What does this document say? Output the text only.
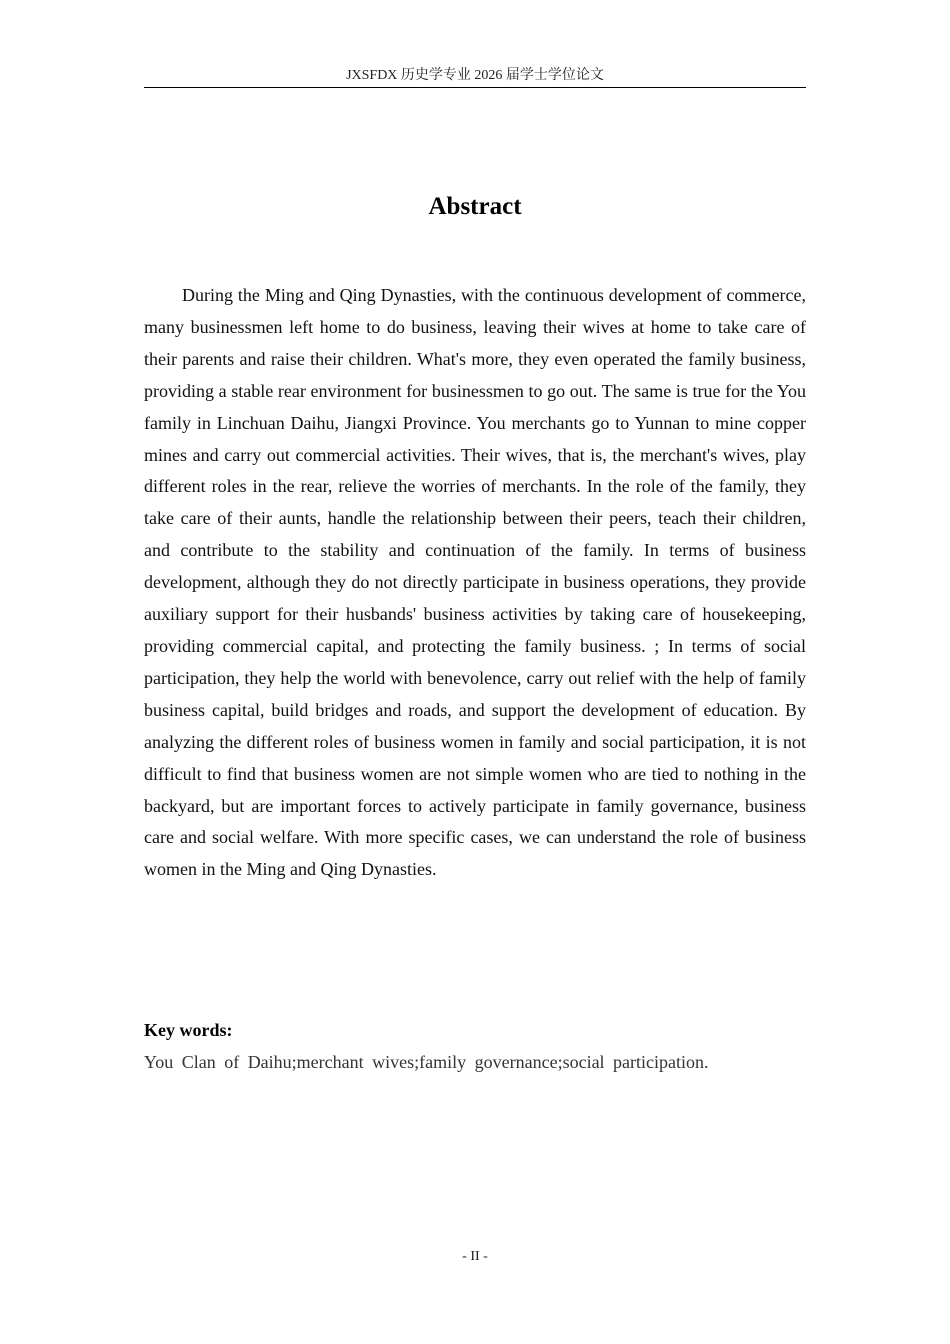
JXSFDX 历史学专业 2026 届学士学位论文
Abstract

During the Ming and Qing Dynasties, with the continuous development of commerce, many businessmen left home to do business, leaving their wives at home to take care of their parents and raise their children. What's more, they even operated the family business, providing a stable rear environment for businessmen to go out. The same is true for the You family in Linchuan Daihu, Jiangxi Province. You merchants go to Yunnan to mine copper mines and carry out commercial activities. Their wives, that is, the merchant's wives, play different roles in the rear, relieve the worries of merchants. In the role of the family, they take care of their aunts, handle the relationship between their peers, teach their children, and contribute to the stability and continuation of the family. In terms of business development, although they do not directly participate in business operations, they provide auxiliary support for their husbands' business activities by taking care of housekeeping, providing commercial capital, and protecting the family business. ; In terms of social participation, they help the world with benevolence, carry out relief with the help of family business capital, build bridges and roads, and support the development of education. By analyzing the different roles of business women in family and social participation, it is not difficult to find that business women are not simple women who are tied to nothing in the backyard, but are important forces to actively participate in family governance, business care and social welfare. With more specific cases, we can understand the role of business women in the Ming and Qing Dynasties.

Key words:
You Clan of Daihu;merchant wives;family governance;social participation.
- II -
